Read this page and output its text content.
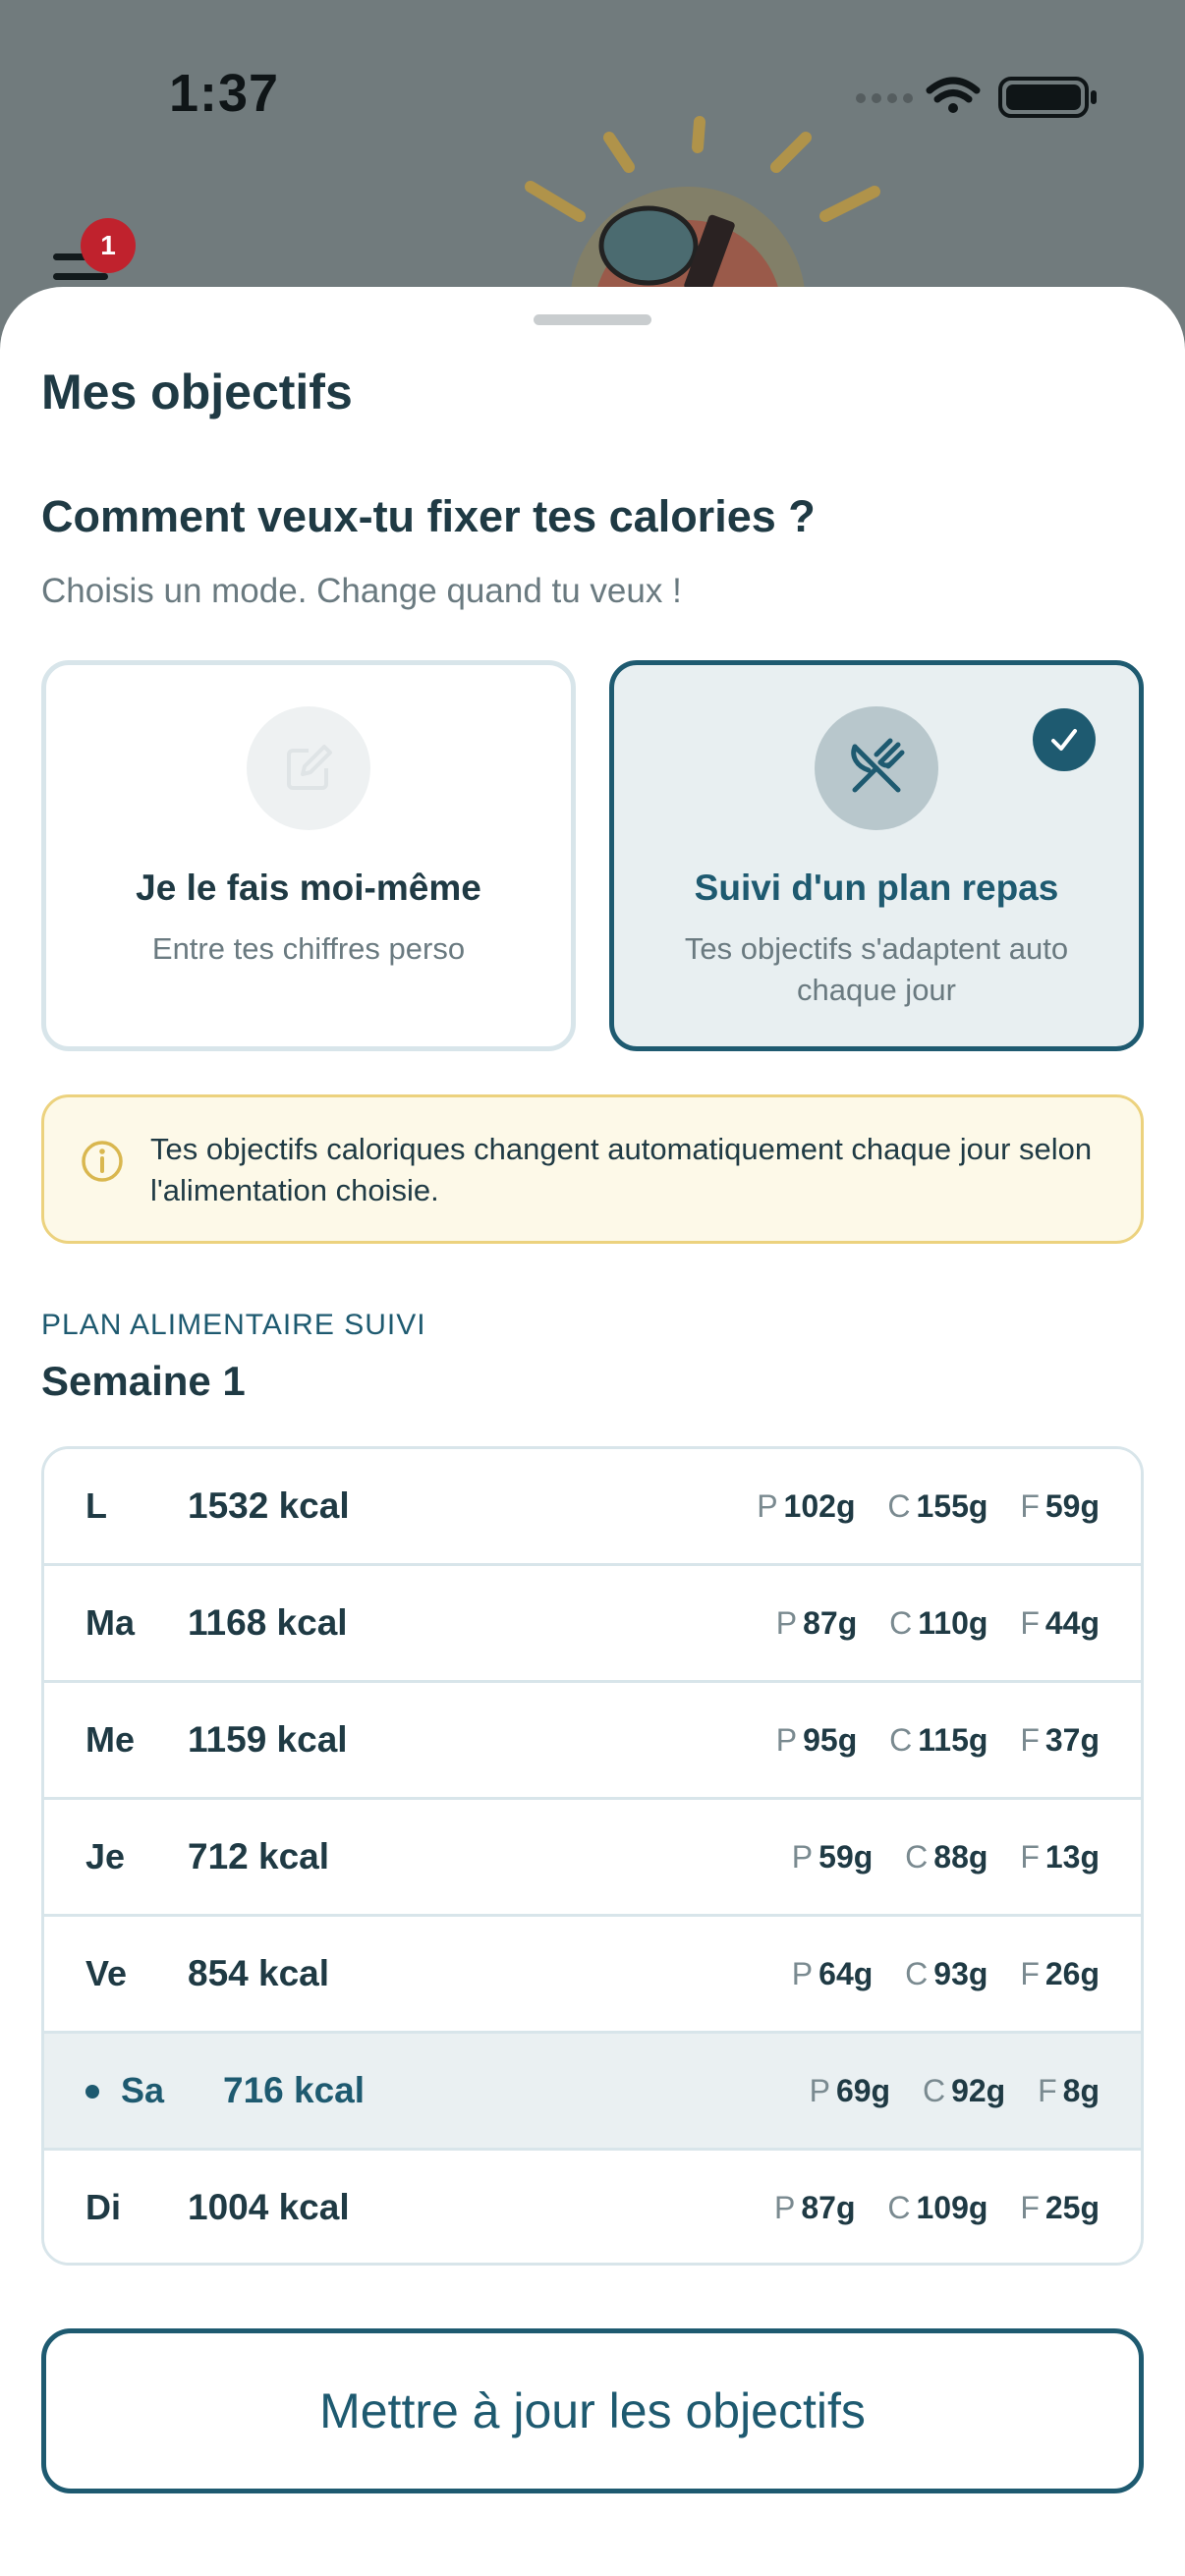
1:37
1
Mes objectifs
Comment veux-tu fixer tes calories ?
Choisis un mode. Change quand tu veux !
Je le fais moi-même
Entre tes chiffres perso
Suivi d'un plan repas
Tes objectifs s'adaptent auto chaque jour
Tes objectifs caloriques changent automatiquement chaque jour selon l'alimentation choisie.
PLAN ALIMENTAIRE SUIVI
Semaine 1
L 1532 kcal	P 102g C 155g F 59g
Ma 1168 kcal	P 87g C 110g F 44g
Me 1159 kcal	P 95g C 115g F 37g
Je 712 kcal	P 59g C 88g F 13g
Ve 854 kcal	P 64g C 93g F 26g
Sa 716 kcal	P 69g C 92g F 8g
Di 1004 kcal	P 87g C 109g F 25g
Mettre à jour les objectifs
